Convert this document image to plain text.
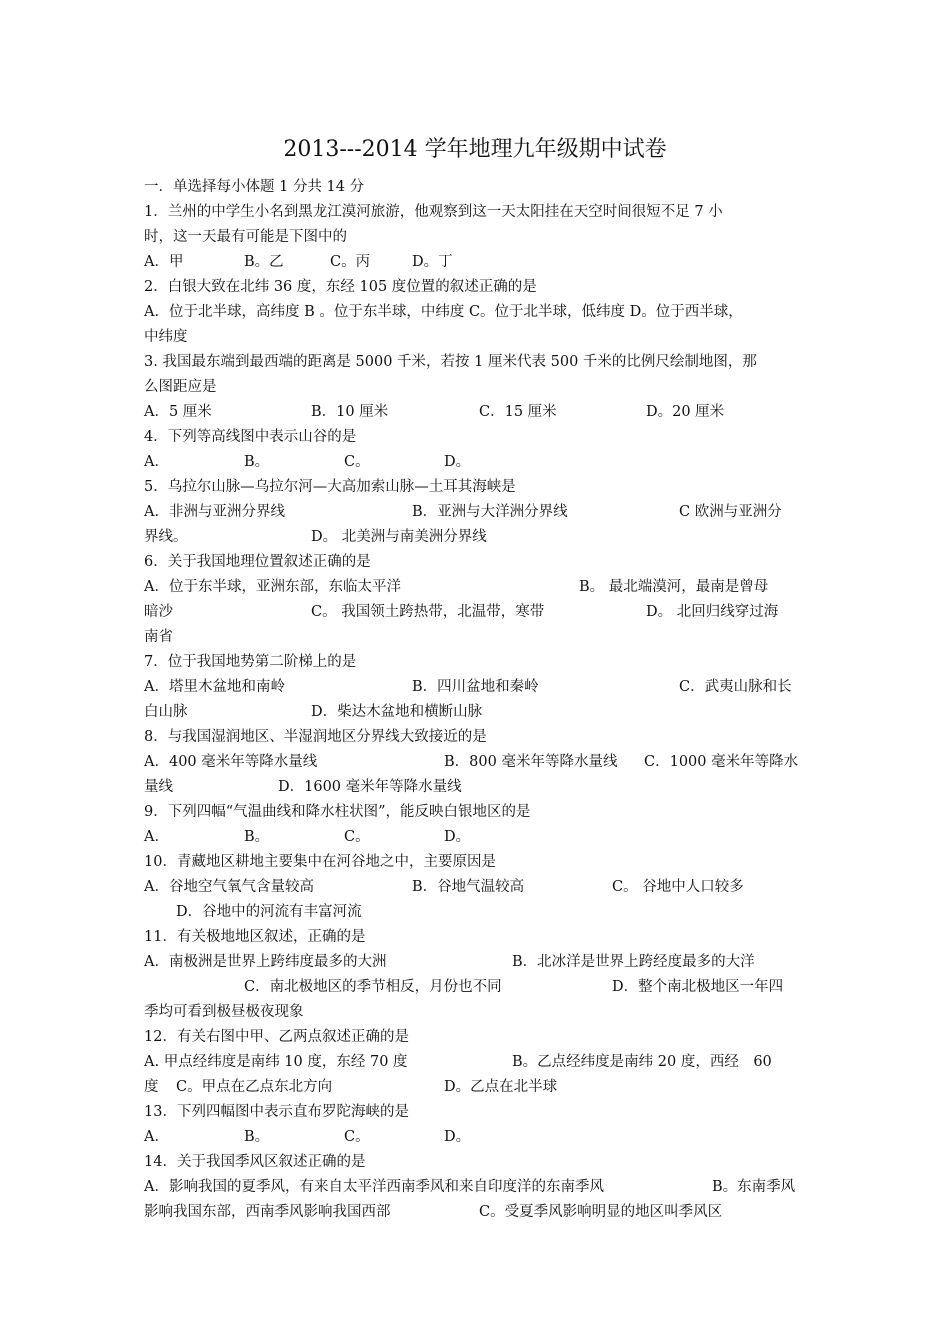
2013---2014 学年地理九年级期中试卷
一．单选择每小体题 1 分共 14 分
1．兰州的中学生小名到黑龙江漠河旅游，他观察到这一天太阳挂在天空时间很短不足 7 小
时，这一天最有可能是下图中的

A．甲

	B。乙

	C。丙

	D。丁

2．白银大致在北纬 36 度，东经 105 度位置的叙述正确的是
A．位于北半球，高纬度 B 。位于东半球，中纬度 C。位于北半球，低纬度 D。位于西半球，
中纬度
3. 我国最东端到最西端的距离是 5000 千米，若按 1 厘米代表 500 千米的比例尺绘制地图，那
么图距应是

A．5 厘米

	B．10 厘米

	C．15 厘米

	D。20 厘米

4．下列等高线图中表示山谷的是

A．

	B。

	C。

	D。

5．乌拉尔山脉—乌拉尔河—大高加索山脉—土耳其海峡是

A．非洲与亚洲分界线

	B．亚洲与大洋洲分界线

	C 欧洲与亚洲分

界线。

	D。 北美洲与南美洲分界线

6．关于我国地理位置叙述正确的是

A．位于东半球，亚洲东部，东临太平洋

	B。 最北端漠河，最南是曾母

暗沙

	C。 我国领土跨热带，北温带，寒带

	D。 北回归线穿过海

南省
7．位于我国地势第二阶梯上的是

A．塔里木盆地和南岭

	B．四川盆地和秦岭

	C．武夷山脉和长

白山脉

	D．柴达木盆地和横断山脉

8．与我国湿润地区、半湿润地区分界线大致接近的是

A．400 毫米年等降水量线

	B．800 毫米年等降水量线

C．1000 毫米年等降水

量线

	D．1600 毫米年等降水量线

9．下列四幅“气温曲线和降水柱状图”，能反映白银地区的是

A．

	B。

	C。

	D。

10．青藏地区耕地主要集中在河谷地之中，主要原因是

A．谷地空气氧气含量较高

	B．谷地气温较高

	C。 谷地中人口较多

D．谷地中的河流有丰富河流

11．有关极地地区叙述，正确的是

A．南极洲是世界上跨纬度最多的大洲

	B．北冰洋是世界上跨经度最多的大洋

C．南北极地区的季节相反，月份也不同

	D．整个南北极地区一年四

季均可看到极昼极夜现象
12．有关右图中甲、乙两点叙述正确的是

A. 甲点经纬度是南纬 10 度，东经 70 度

	B。乙点经纬度是南纬 20 度，西经　60

度

C。甲点在乙点东北方向

	D。乙点在北半球

13．下列四幅图中表示直布罗陀海峡的是

A．

	B。

	C。

	D。

14．关于我国季风区叙述正确的是

A．影响我国的夏季风，有来自太平洋西南季风和来自印度洋的东南季风

	B。东南季风

影响我国东部，西南季风影响我国西部

	C。受夏季风影响明显的地区叫季风区
